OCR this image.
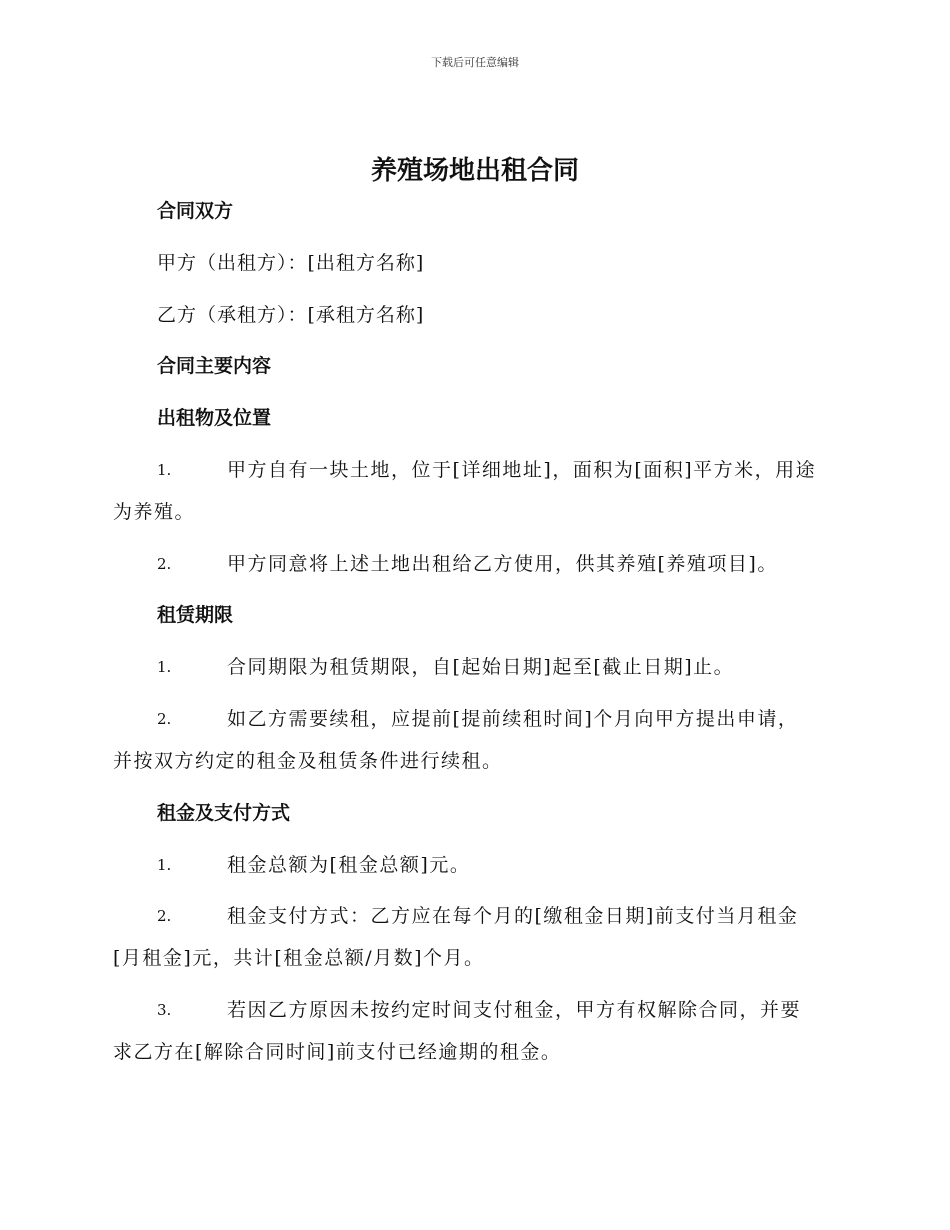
下载后可任意编辑
养殖场地出租合同
合同双方
甲方（出租方）：[出租方名称]
乙方（承租方）：[承租方名称]
合同主要内容
出租物及位置
1.	甲方自有一块土地，位于[详细地址]，面积为[面积]平方米，用途
为养殖。
2.	甲方同意将上述土地出租给乙方使用，供其养殖[养殖项目]。
租赁期限
1.	合同期限为租赁期限，自[起始日期]起至[截止日期]止。
2.	如乙方需要续租，应提前[提前续租时间]个月向甲方提出申请，
并按双方约定的租金及租赁条件进行续租。
租金及支付方式
1.	租金总额为[租金总额]元。
2.	租金支付方式：乙方应在每个月的[缴租金日期]前支付当月租金
[月租金]元，共计[租金总额/月数]个月。
3.	若因乙方原因未按约定时间支付租金，甲方有权解除合同，并要
求乙方在[解除合同时间]前支付已经逾期的租金。
